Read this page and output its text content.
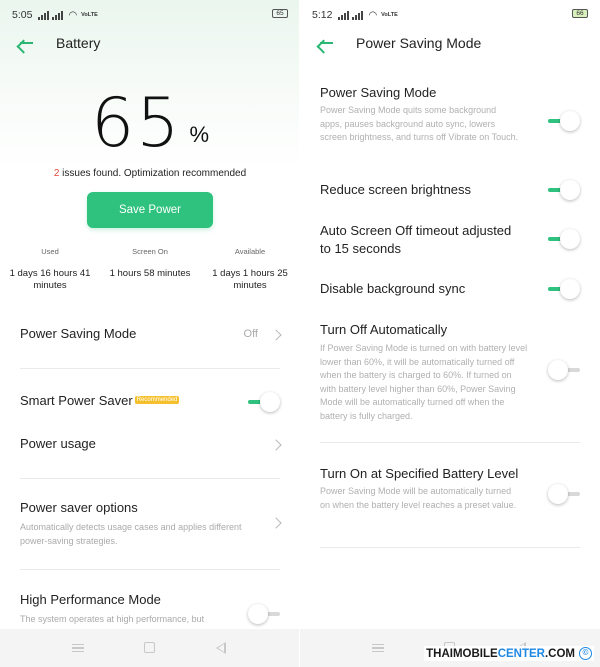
5:05	◠ VoLTE	65
Battery
65 %
2 issues found. Optimization recommended
Save Power
Used
1 days 16 hours 41 minutes
Screen On
1 hours 58 minutes
Available
1 days 1 hours 25 minutes
Power Saving Mode	Off
Smart Power Saver Recommended
Power usage
Power saver options
Automatically detects usage cases and applies different power-saving strategies.
High Performance Mode
The system operates at high performance, but
5:12	◠ VoLTE	66
Power Saving Mode
Power Saving Mode
Power Saving Mode quits some background apps, pauses background auto sync, lowers screen brightness, and turns off Vibrate on Touch.
Reduce screen brightness
Auto Screen Off timeout adjusted to 15 seconds
Disable background sync
Turn Off Automatically
If Power Saving Mode is turned on with battery level lower than 60%, it will be automatically turned off when the battery is charged to 60%. If turned on with battery level higher than 60%, Power Saving Mode will be automatically turned off when the battery is fully charged.
Turn On at Specified Battery Level
Power Saving Mode will be automatically turned on when the battery level reaches a preset value.
THAIMOBILE CENTER .COM ©
